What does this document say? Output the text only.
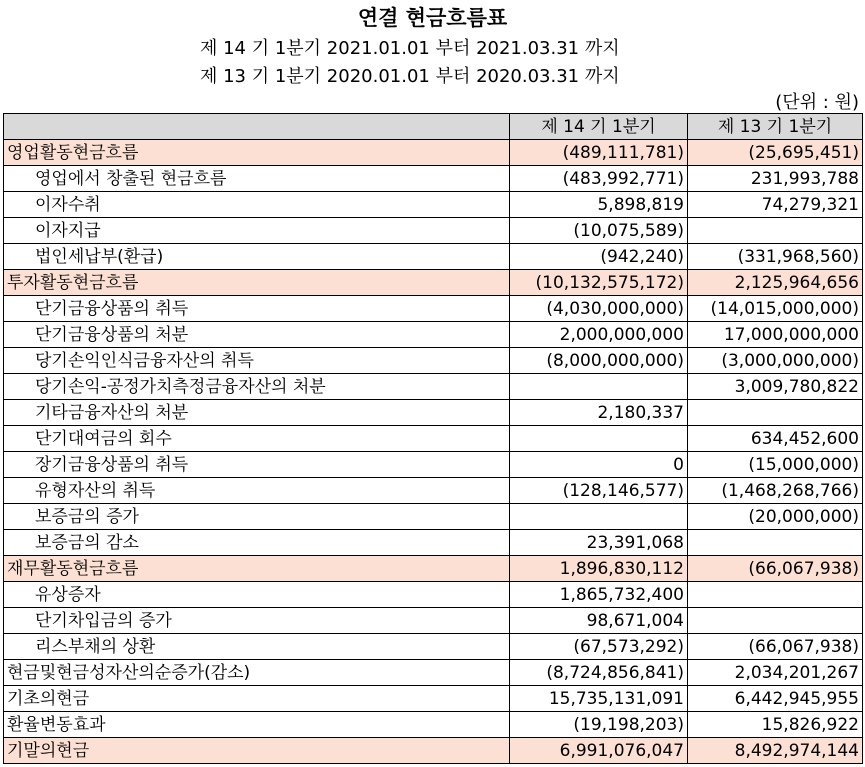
연결 현금흐름표
제 14 기 1분기 2021.01.01 부터 2021.03.31 까지
제 13 기 1분기 2020.01.01 부터 2020.03.31 까지
(단위 : 원)
	제 14 기 1분기	제 13 기 1분기
영업활동현금흐름	(489,111,781)	(25,695,451)
영업에서 창출된 현금흐름	(483,992,771)	231,993,788
이자수취	5,898,819	74,279,321
이자지급	(10,075,589)	
법인세납부(환급)	(942,240)	(331,968,560)
투자활동현금흐름	(10,132,575,172)	2,125,964,656
단기금융상품의 취득	(4,030,000,000)	(14,015,000,000)
단기금융상품의 처분	2,000,000,000	17,000,000,000
당기손익인식금융자산의 취득	(8,000,000,000)	(3,000,000,000)
당기손익-공정가치측정금융자산의 처분		3,009,780,822
기타금융자산의 처분	2,180,337	
단기대여금의 회수		634,452,600
장기금융상품의 취득	0	(15,000,000)
유형자산의 취득	(128,146,577)	(1,468,268,766)
보증금의 증가		(20,000,000)
보증금의 감소	23,391,068	
재무활동현금흐름	1,896,830,112	(66,067,938)
유상증자	1,865,732,400	
단기차입금의 증가	98,671,004	
리스부채의 상환	(67,573,292)	(66,067,938)
현금및현금성자산의순증가(감소)	(8,724,856,841)	2,034,201,267
기초의현금	15,735,131,091	6,442,945,955
환율변동효과	(19,198,203)	15,826,922
기말의현금	6,991,076,047	8,492,974,144
